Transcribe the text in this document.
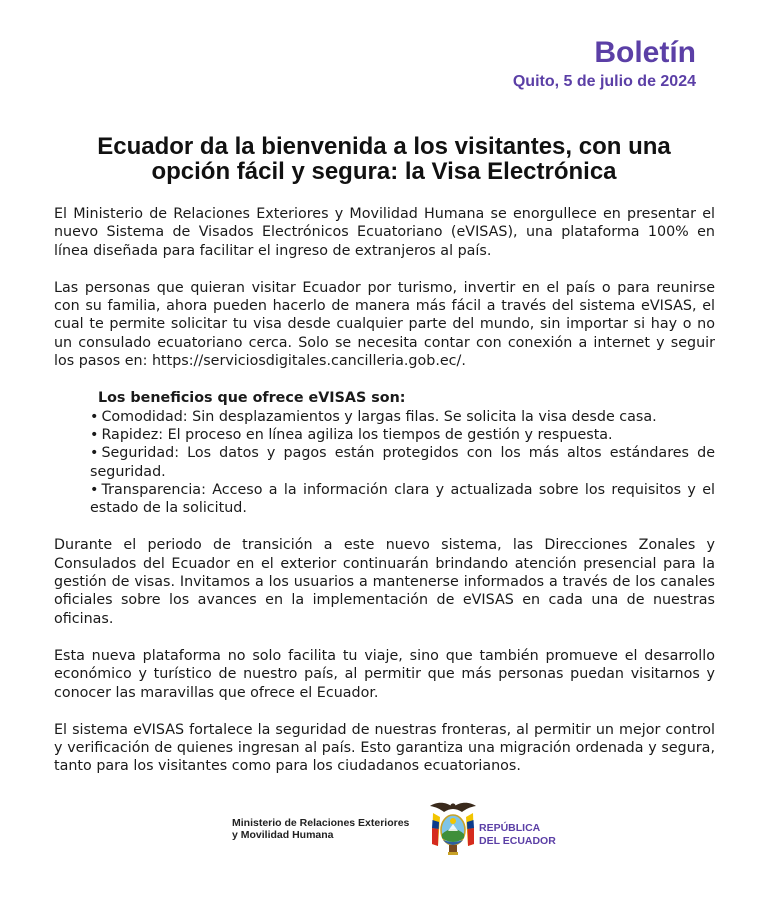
Boletín
Quito, 5 de julio de 2024
Ecuador da la bienvenida a los visitantes, con una opción fácil y segura: la Visa Electrónica

El Ministerio de Relaciones Exteriores y Movilidad Humana se enorgullece en presentar el nuevo Sistema de Visados Electrónicos Ecuatoriano (eVISAS), una plataforma 100% en línea diseñada para facilitar el ingreso de extranjeros al país.

Las personas que quieran visitar Ecuador por turismo, invertir en el país o para reunirse con su familia, ahora pueden hacerlo de manera más fácil a través del sistema eVISAS, el cual te permite solicitar tu visa desde cualquier parte del mundo, sin importar si hay o no un consulado ecuatoriano cerca. Solo se necesita contar con conexión a internet y seguir los pasos en: https://serviciosdigitales.cancilleria.gob.ec/.

Los beneficios que ofrece eVISAS son:
• Comodidad: Sin desplazamientos y largas filas. Se solicita la visa desde casa.
• Rapidez: El proceso en línea agiliza los tiempos de gestión y respuesta.
• Seguridad: Los datos y pagos están protegidos con los más altos estándares de seguridad.
• Transparencia: Acceso a la información clara y actualizada sobre los requisitos y el estado de la solicitud.

Durante el periodo de transición a este nuevo sistema, las Direcciones Zonales y Consulados del Ecuador en el exterior continuarán brindando atención presencial para la gestión de visas. Invitamos a los usuarios a mantenerse informados a través de los canales oficiales sobre los avances en la implementación de eVISAS en cada una de nuestras oficinas.

Esta nueva plataforma no solo facilita tu viaje, sino que también promueve el desarrollo económico y turístico de nuestro país, al permitir que más personas puedan visitarnos y conocer las maravillas que ofrece el Ecuador.

El sistema eVISAS fortalece la seguridad de nuestras fronteras, al permitir un mejor control y verificación de quienes ingresan al país. Esto garantiza una migración ordenada y segura, tanto para los visitantes como para los ciudadanos ecuatorianos.

Ministerio de Relaciones Exteriores
y Movilidad Humana
REPÚBLICA
DEL ECUADOR
